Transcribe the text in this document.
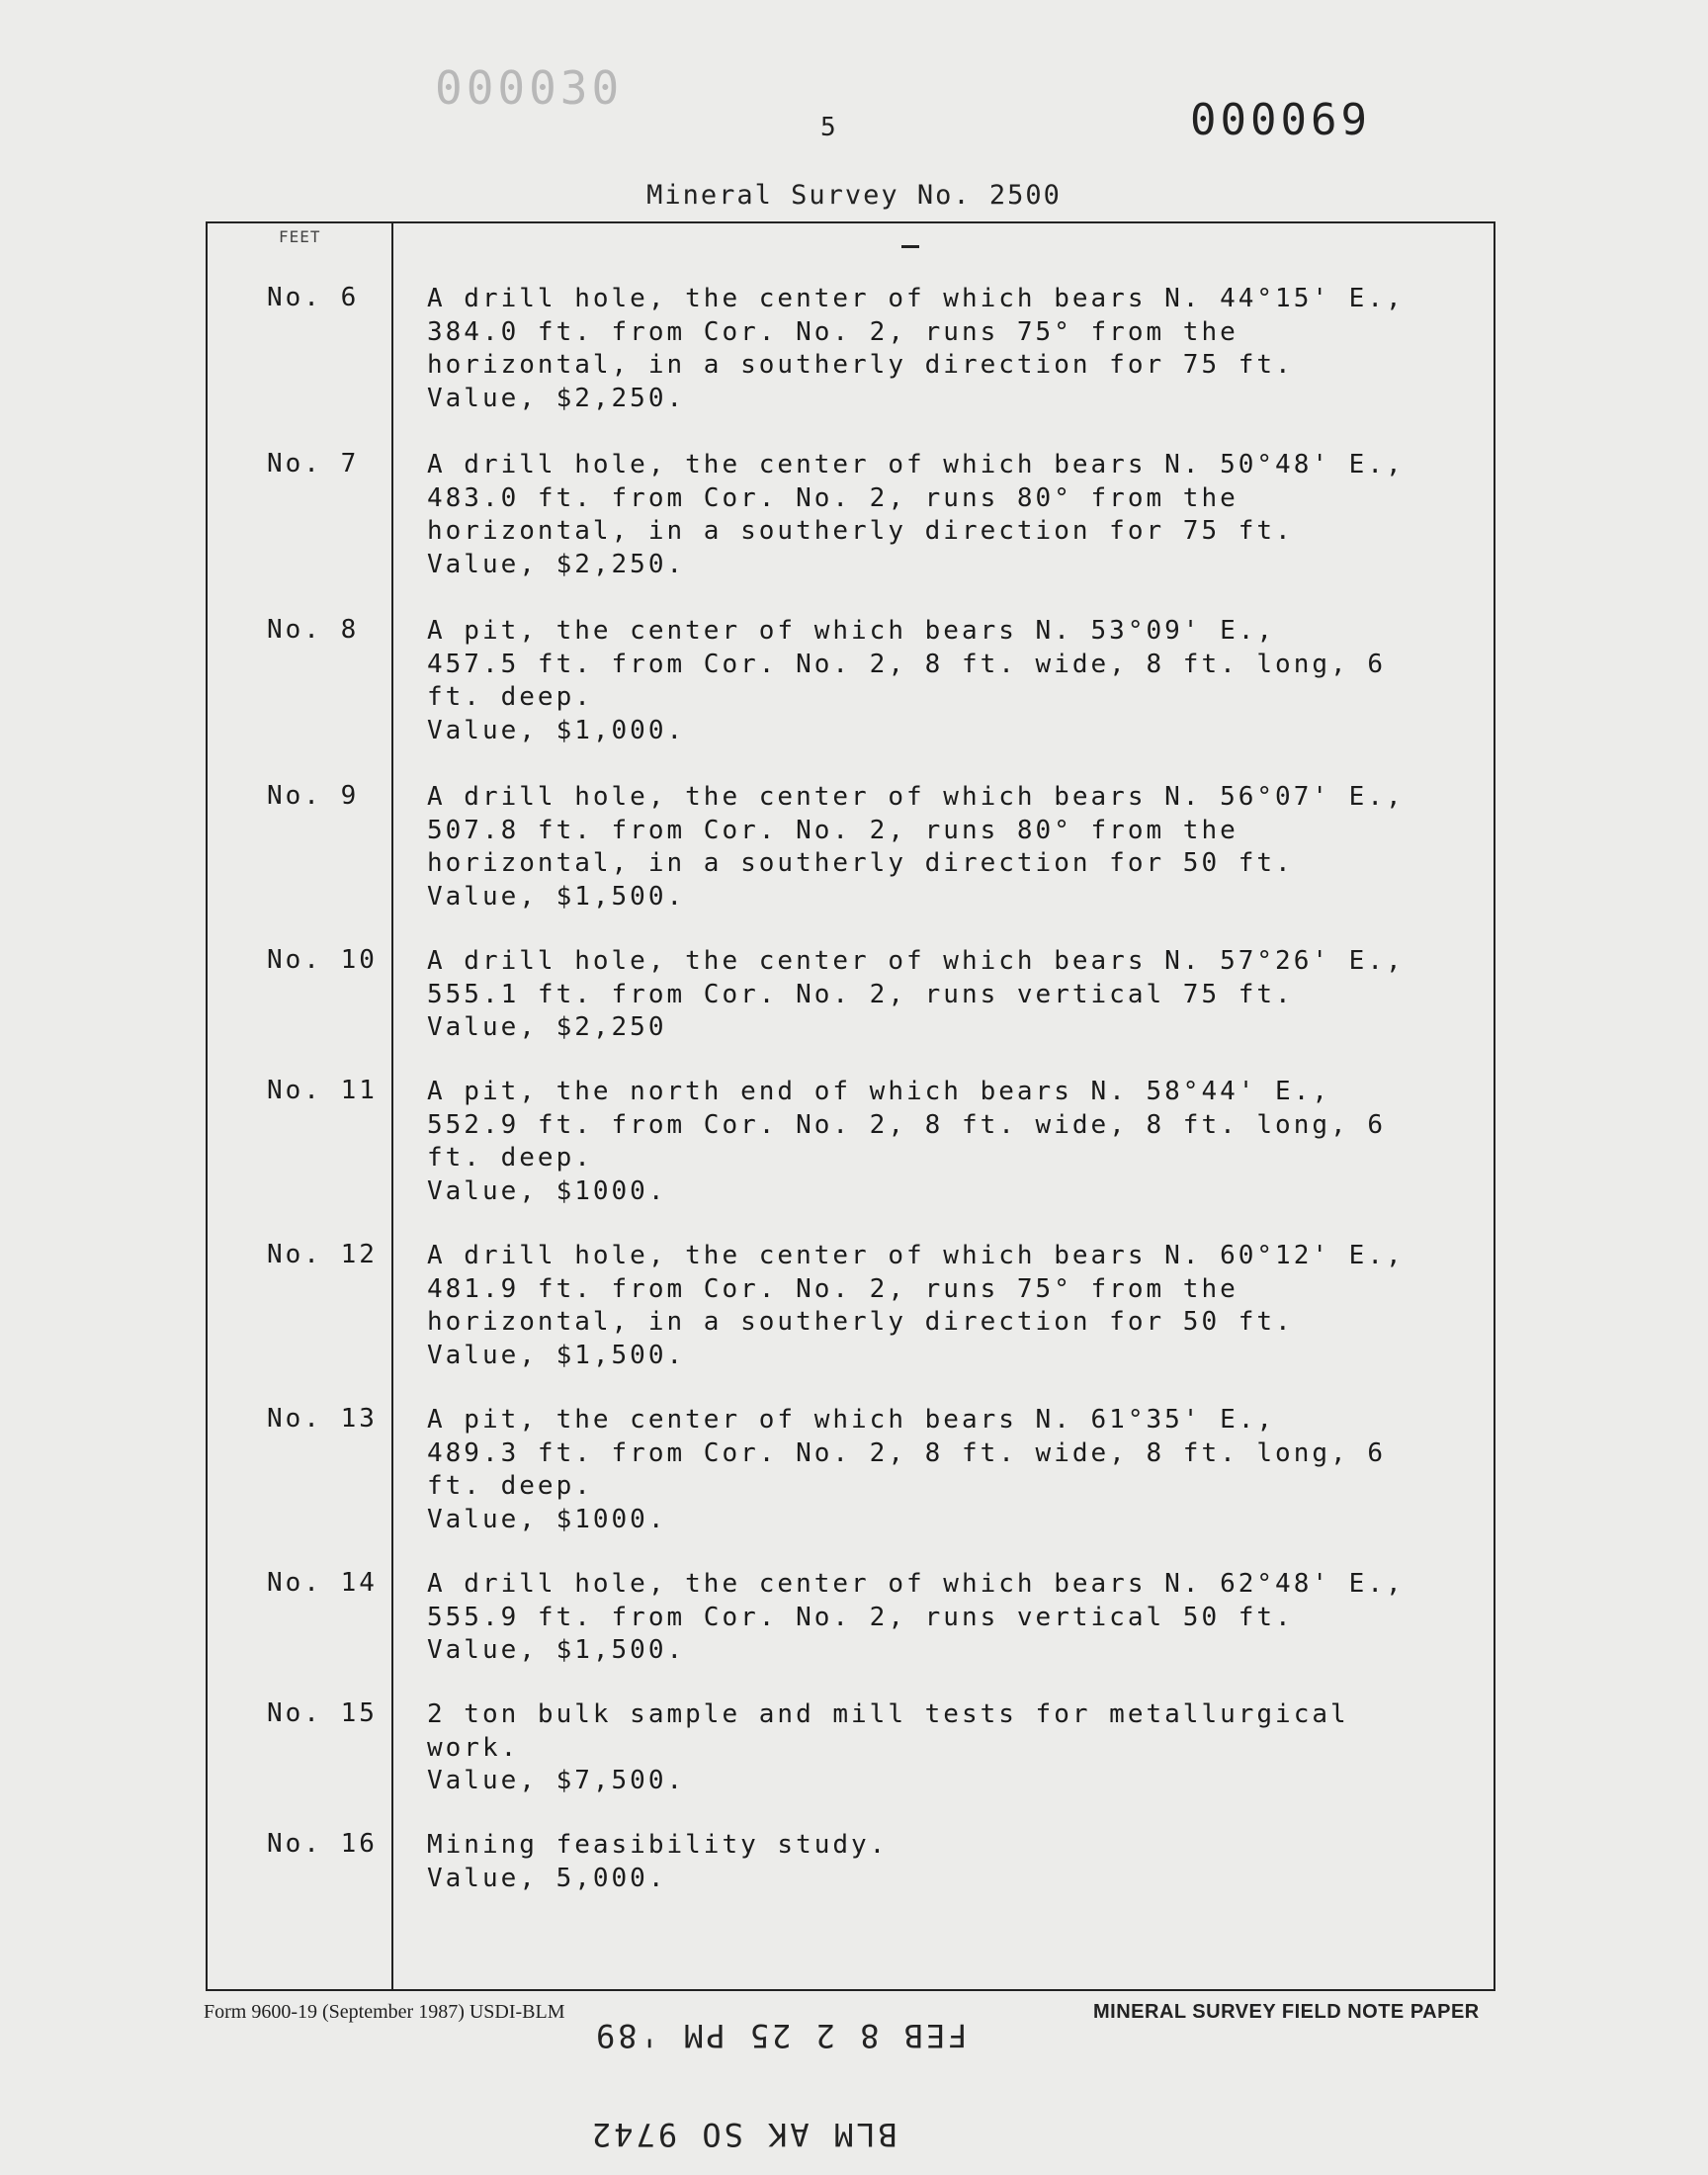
000030
000069
5
Mineral Survey No. 2500
FEET
No. 6	A drill hole, the center of which bears N. 44°15' E.,
384.0 ft. from Cor. No. 2, runs 75° from the
horizontal, in a southerly direction for 75 ft.
Value, $2,250.
No. 7	A drill hole, the center of which bears N. 50°48' E.,
483.0 ft. from Cor. No. 2, runs 80° from the
horizontal, in a southerly direction for 75 ft.
Value, $2,250.
No. 8	A pit, the center of which bears N. 53°09' E.,
457.5 ft. from Cor. No. 2, 8 ft. wide, 8 ft. long, 6
ft. deep.
Value, $1,000.
No. 9	A drill hole, the center of which bears N. 56°07' E.,
507.8 ft. from Cor. No. 2, runs 80° from the
horizontal, in a southerly direction for 50 ft.
Value, $1,500.
No. 10	A drill hole, the center of which bears N. 57°26' E.,
555.1 ft. from Cor. No. 2, runs vertical 75 ft.
Value, $2,250
No. 11	A pit, the north end of which bears N. 58°44' E.,
552.9 ft. from Cor. No. 2, 8 ft. wide, 8 ft. long, 6
ft. deep.
Value, $1000.
No. 12	A drill hole, the center of which bears N. 60°12' E.,
481.9 ft. from Cor. No. 2, runs 75° from the
horizontal, in a southerly direction for 50 ft.
Value, $1,500.
No. 13	A pit, the center of which bears N. 61°35' E.,
489.3 ft. from Cor. No. 2, 8 ft. wide, 8 ft. long, 6
ft. deep.
Value, $1000.
No. 14	A drill hole, the center of which bears N. 62°48' E.,
555.9 ft. from Cor. No. 2, runs vertical 50 ft.
Value, $1,500.
No. 15	2 ton bulk sample and mill tests for metallurgical
work.
Value, $7,500.
No. 16	Mining feasibility study.
Value, 5,000.
Form 9600-19 (September 1987) USDI-BLM	MINERAL SURVEY FIELD NOTE PAPER
FEB 8 2 25 PM '89
BLM AK SO 9742
